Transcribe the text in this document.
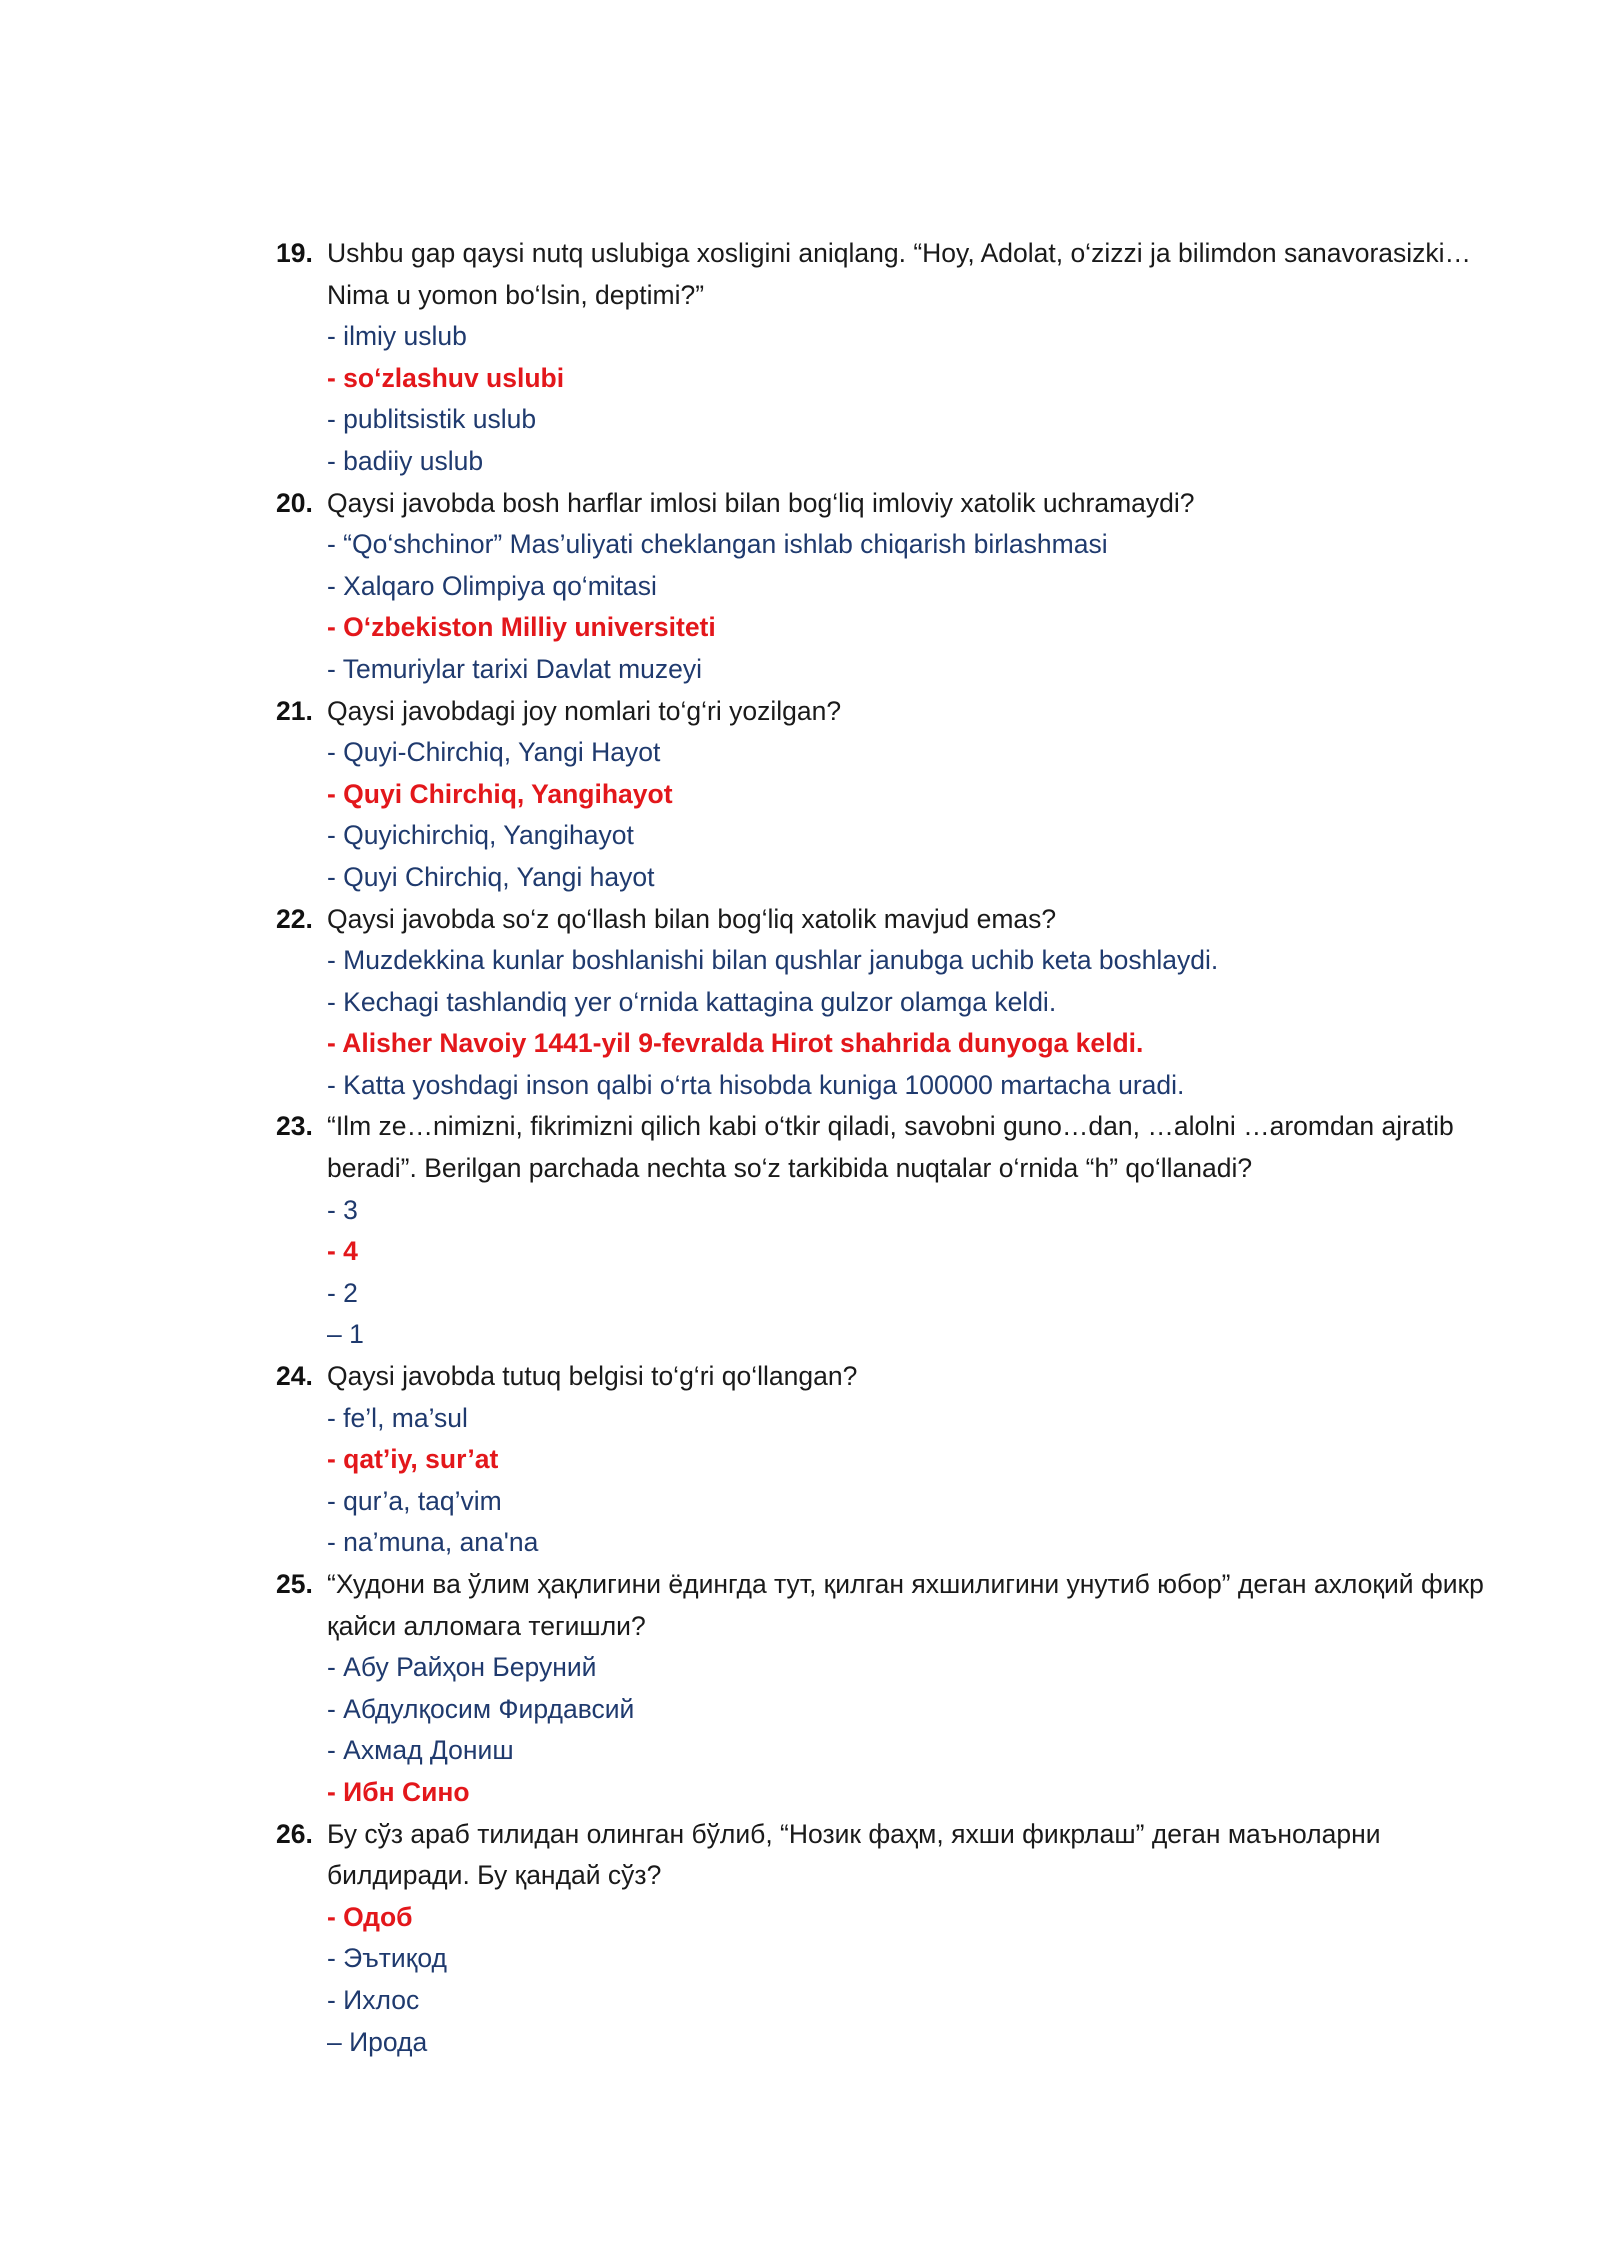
19. Ushbu gap qaysi nutq uslubiga xosligini aniqlang. “Hoy, Adolat, o‘zizzi ja bilimdon sanavorasizki…Nima u yomon bo‘lsin, deptimi?”
- ilmiy uslub
- so‘zlashuv uslubi
- publitsistik uslub
- badiiy uslub
20. Qaysi javobda bosh harflar imlosi bilan bog‘liq imloviy xatolik uchramaydi?
- “Qo‘shchinor” Mas’uliyati cheklangan ishlab chiqarish birlashmasi
- Xalqaro Olimpiya qo‘mitasi
- O‘zbekiston Milliy universiteti
- Temuriylar tarixi Davlat muzeyi
21. Qaysi javobdagi joy nomlari to‘g‘ri yozilgan?
- Quyi-Chirchiq, Yangi Hayot
- Quyi Chirchiq, Yangihayot
- Quyichirchiq, Yangihayot
- Quyi Chirchiq, Yangi hayot
22. Qaysi javobda so‘z qo‘llash bilan bog‘liq xatolik mavjud emas?
- Muzdekkina kunlar boshlanishi bilan qushlar janubga uchib keta boshlaydi.
- Kechagi tashlandiq yer o‘rnida kattagina gulzor olamga keldi.
- Alisher Navoiy 1441-yil 9-fevralda Hirot shahrida dunyoga keldi.
- Katta yoshdagi inson qalbi o‘rta hisobda kuniga 100000 martacha uradi.
23. “Ilm ze…nimizni, fikrimizni qilich kabi o‘tkir qiladi, savobni guno…dan, …alolni …aromdan ajratib beradi”. Berilgan parchada nechta so‘z tarkibida nuqtalar o‘rnida “h” qo‘llanadi?
- 3
- 4
- 2
– 1
24. Qaysi javobda tutuq belgisi to‘g‘ri qo‘llangan?
- fe’l, ma’sul
- qat’iy, sur’at
- qur’a, taq’vim
- na’muna, ana'na
25. “Худони ва ўлим ҳақлигини ёдингда тут, қилган яхшилигини унутиб юбор” деган ахлоқий фикр қайси алломага тегишли?
- Абу Райҳон Беруний
- Абдулқосим Фирдавсий
- Ахмад Дониш
- Ибн Сино
26. Бу сўз араб тилидан олинган бўлиб, “Нозик фаҳм, яхши фикрлаш” деган маъноларни билдиради. Бу қандай сўз?
- Одоб
- Эътиқод
- Ихлос
– Ирода
